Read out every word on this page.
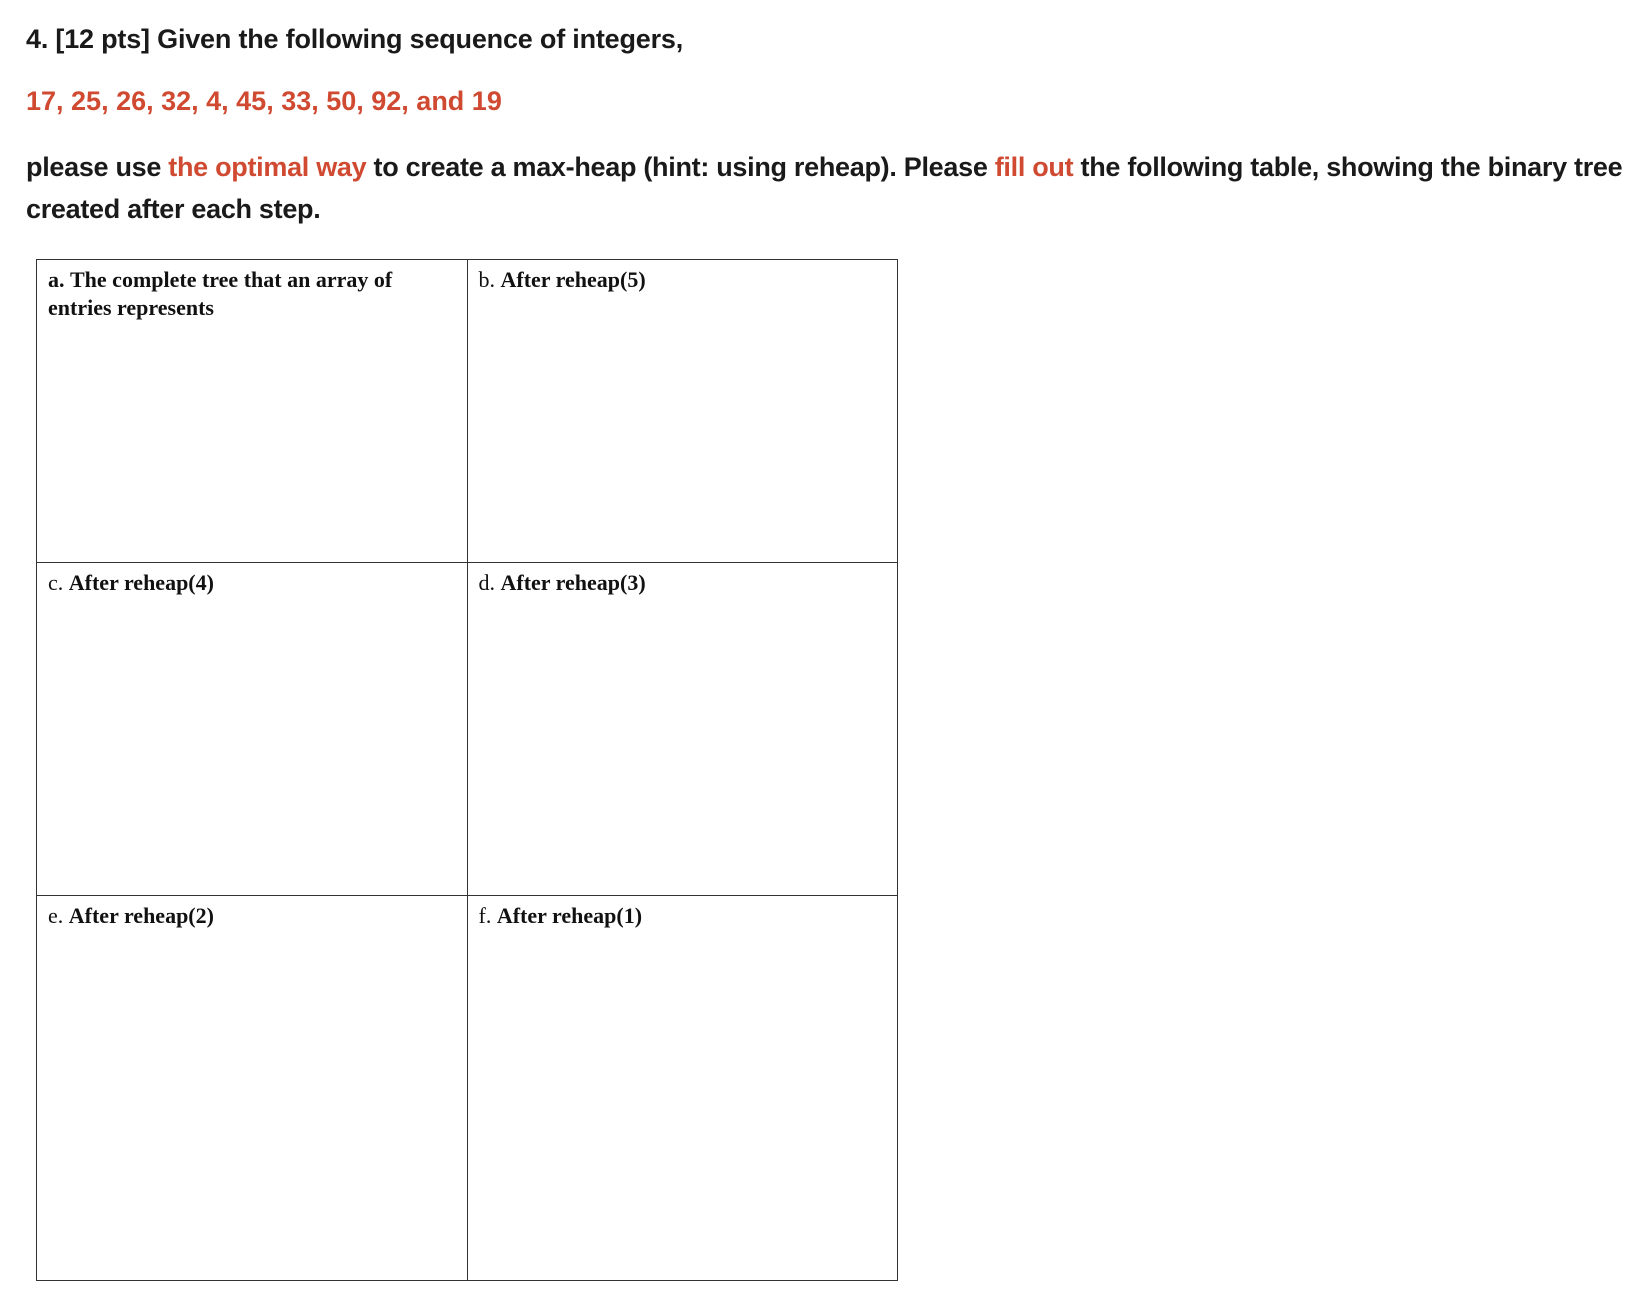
4. [12 pts] Given the following sequence of integers,
17, 25, 26, 32, 4, 45, 33, 50, 92, and 19
please use the optimal way to create a max-heap (hint: using reheap). Please fill out the following table, showing the binary tree created after each step.
a. The complete tree that an array of entries represents	b. After reheap(5)
c. After reheap(4)	d. After reheap(3)
e. After reheap(2)	f. After reheap(1)
